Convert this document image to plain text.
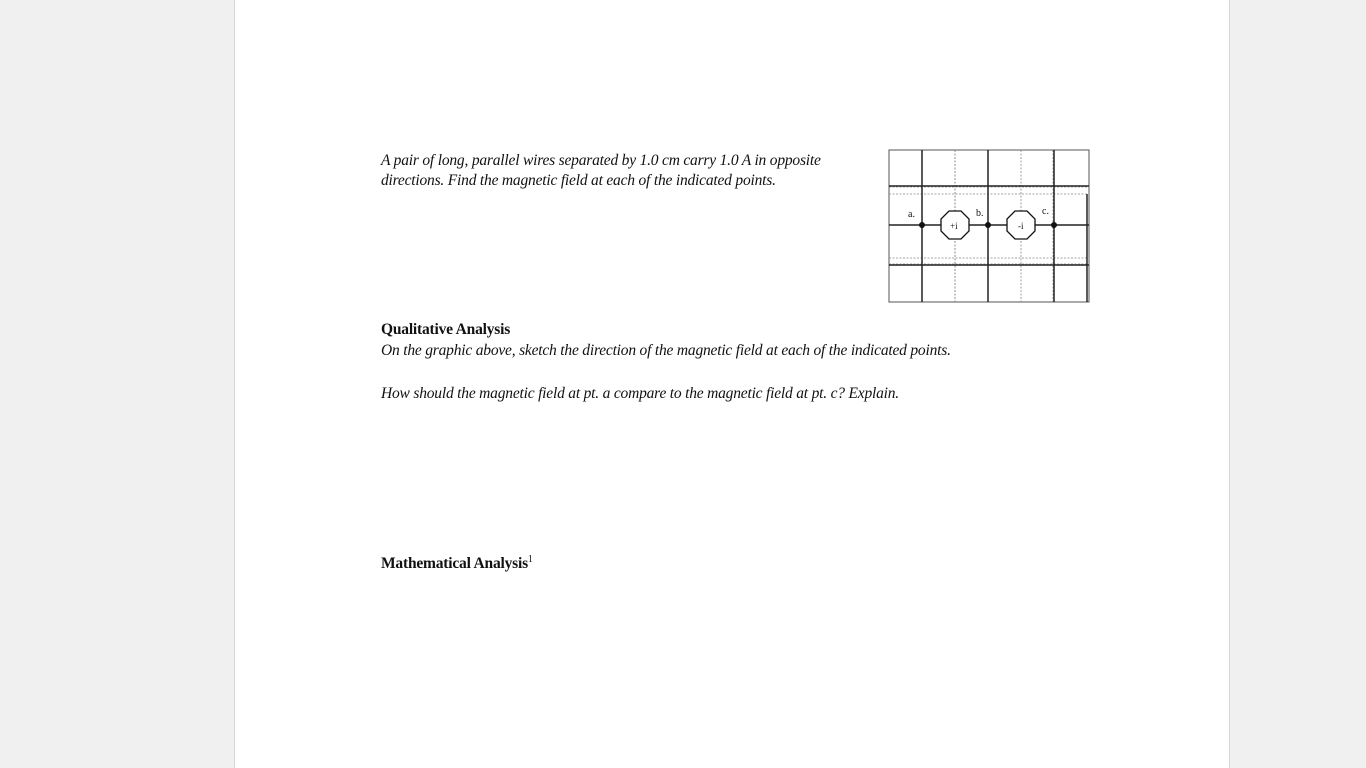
A pair of long, parallel wires separated by 1.0 cm carry 1.0 A in opposite
directions. Find the magnetic field at each of the indicated points.
a.	b.	c.
+i	-i
Qualitative Analysis
On the graphic above, sketch the direction of the magnetic field at each of the indicated points.
How should the magnetic field at pt. a compare to the magnetic field at pt. c? Explain.
Mathematical Analysis$^1$
